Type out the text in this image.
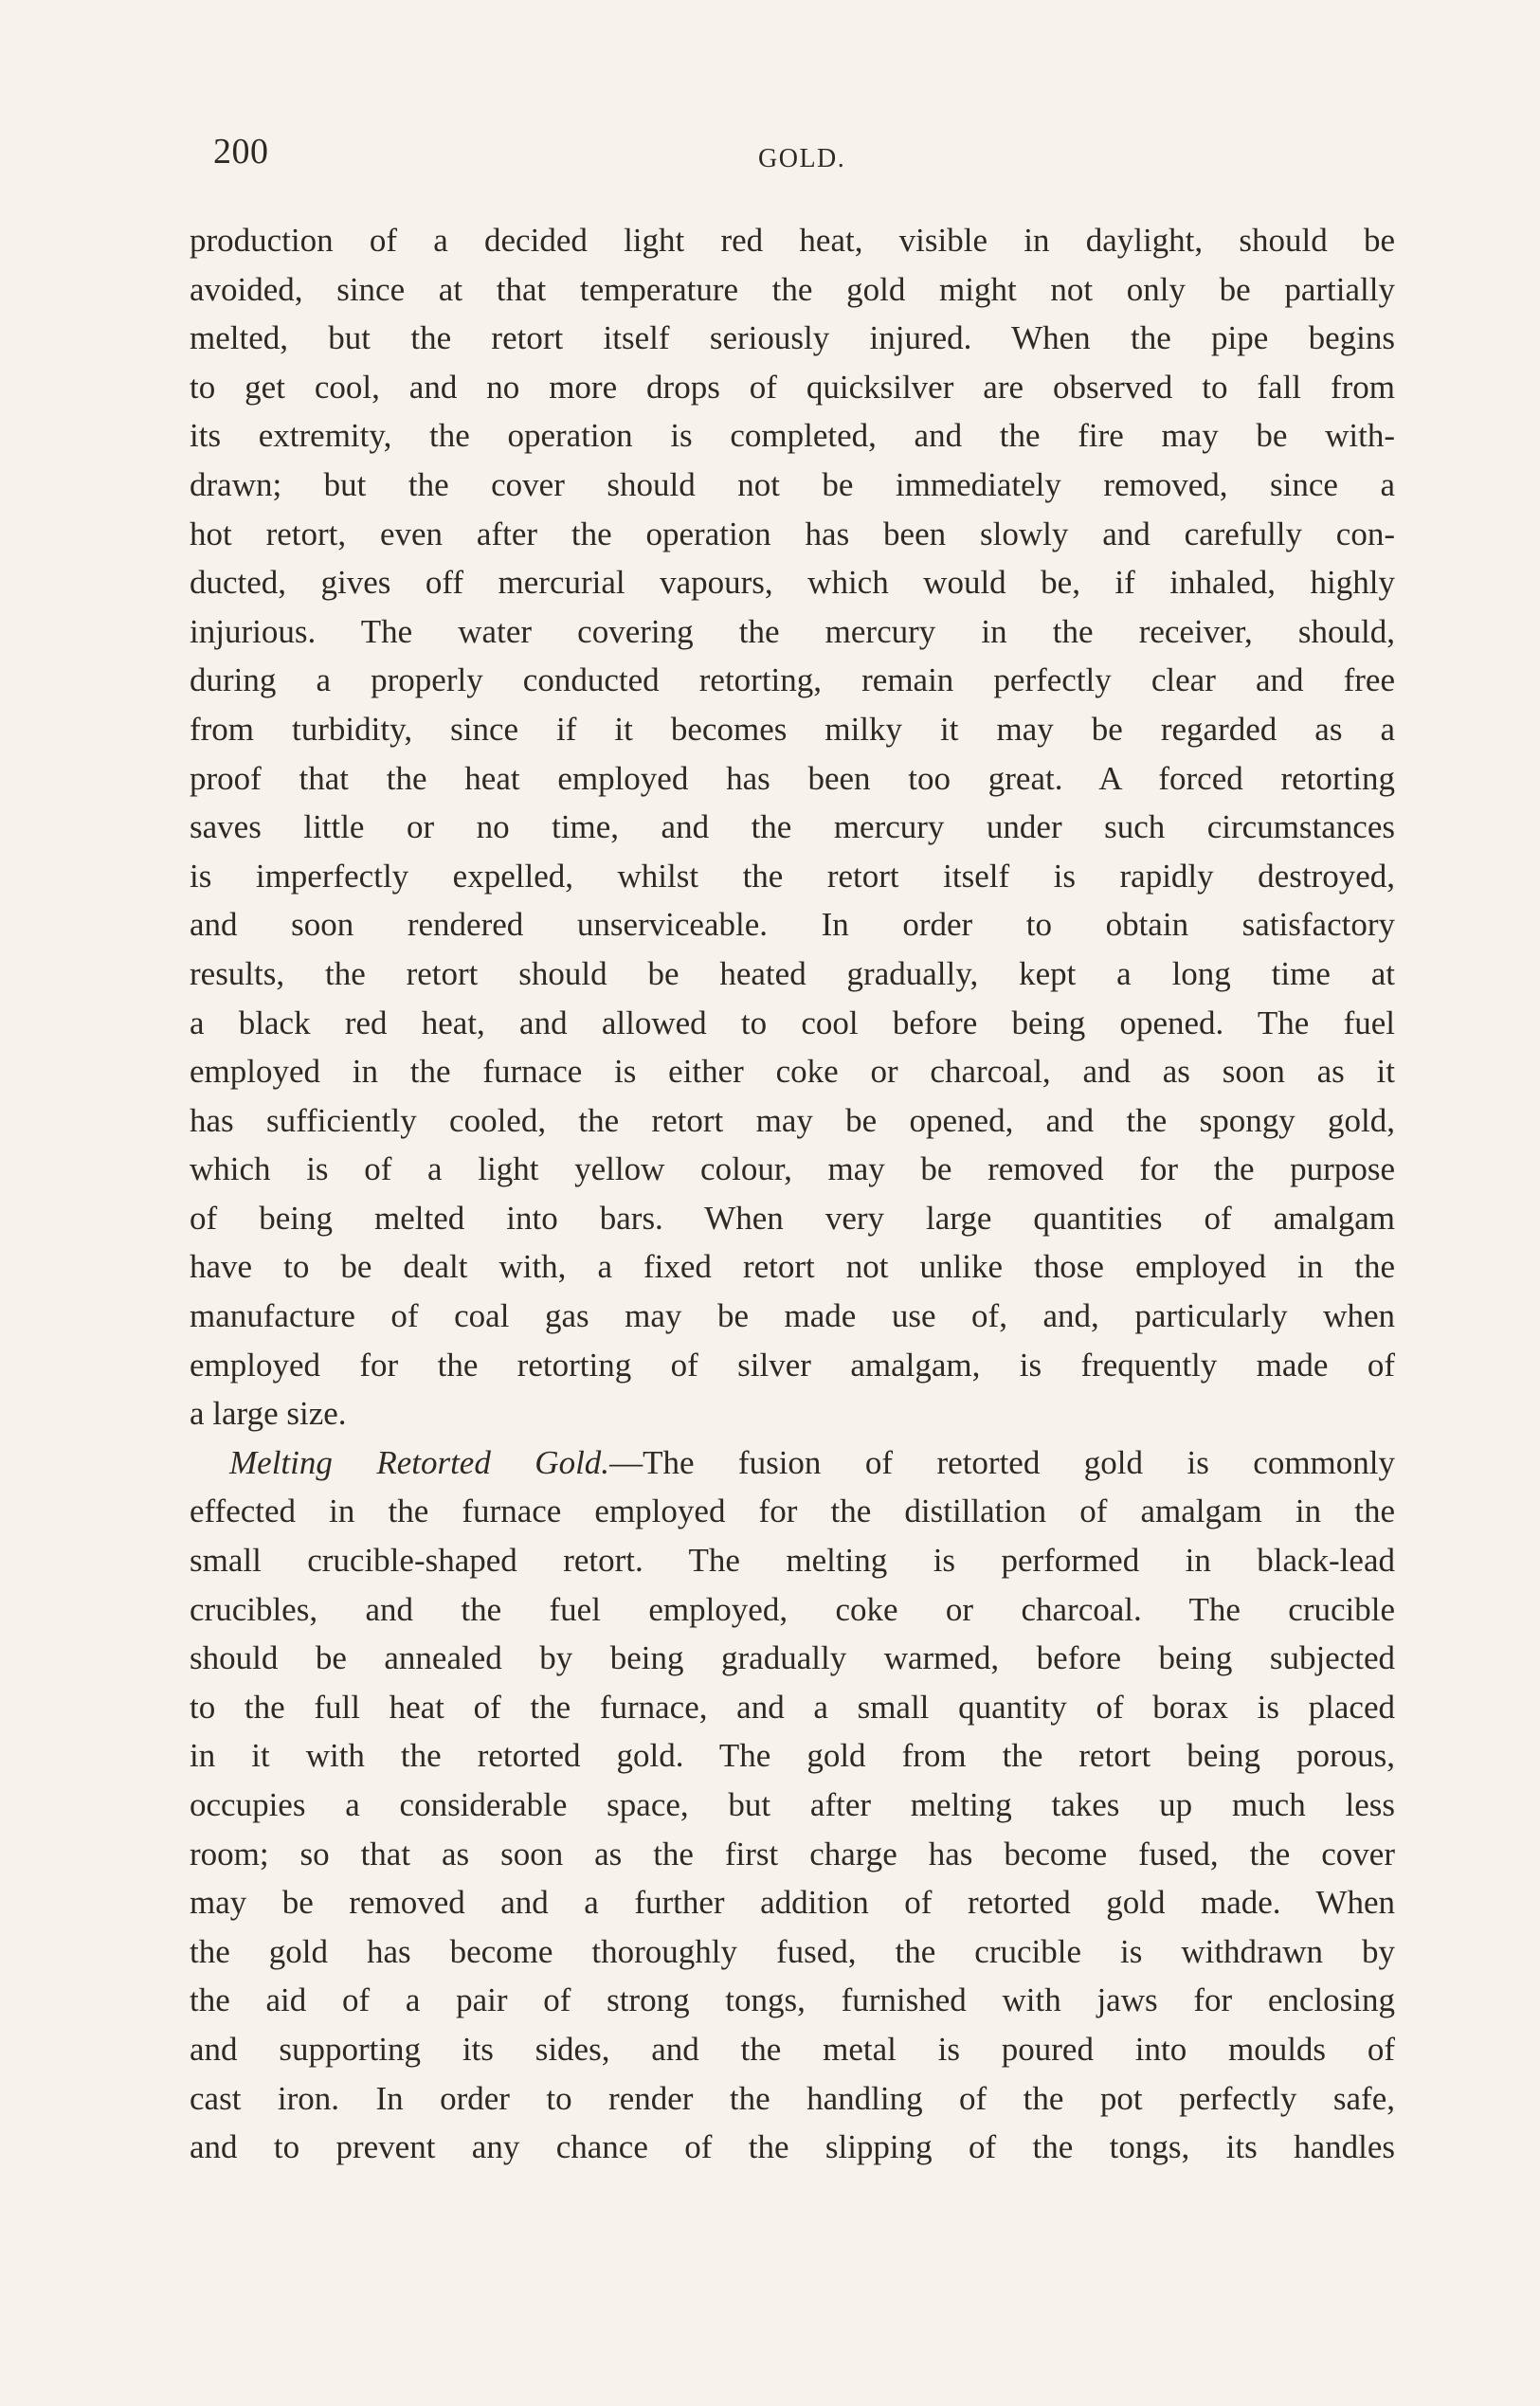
200	GOLD.
production of a decided light red heat, visible in daylight, should be
avoided, since at that temperature the gold might not only be partially
melted, but the retort itself seriously injured. When the pipe begins
to get cool, and no more drops of quicksilver are observed to fall from
its extremity, the operation is completed, and the fire may be with-
drawn; but the cover should not be immediately removed, since a
hot retort, even after the operation has been slowly and carefully con-
ducted, gives off mercurial vapours, which would be, if inhaled, highly
injurious. The water covering the mercury in the receiver, should,
during a properly conducted retorting, remain perfectly clear and free
from turbidity, since if it becomes milky it may be regarded as a
proof that the heat employed has been too great. A forced retorting
saves little or no time, and the mercury under such circumstances
is imperfectly expelled, whilst the retort itself is rapidly destroyed,
and soon rendered unserviceable. In order to obtain satisfactory
results, the retort should be heated gradually, kept a long time at
a black red heat, and allowed to cool before being opened. The fuel
employed in the furnace is either coke or charcoal, and as soon as it
has sufficiently cooled, the retort may be opened, and the spongy gold,
which is of a light yellow colour, may be removed for the purpose
of being melted into bars. When very large quantities of amalgam
have to be dealt with, a fixed retort not unlike those employed in the
manufacture of coal gas may be made use of, and, particularly when
employed for the retorting of silver amalgam, is frequently made of
a large size.
Melting Retorted Gold.—The fusion of retorted gold is commonly
effected in the furnace employed for the distillation of amalgam in the
small crucible-shaped retort. The melting is performed in black-lead
crucibles, and the fuel employed, coke or charcoal. The crucible
should be annealed by being gradually warmed, before being subjected
to the full heat of the furnace, and a small quantity of borax is placed
in it with the retorted gold. The gold from the retort being porous,
occupies a considerable space, but after melting takes up much less
room; so that as soon as the first charge has become fused, the cover
may be removed and a further addition of retorted gold made. When
the gold has become thoroughly fused, the crucible is withdrawn by
the aid of a pair of strong tongs, furnished with jaws for enclosing
and supporting its sides, and the metal is poured into moulds of
cast iron. In order to render the handling of the pot perfectly safe,
and to prevent any chance of the slipping of the tongs, its handles
